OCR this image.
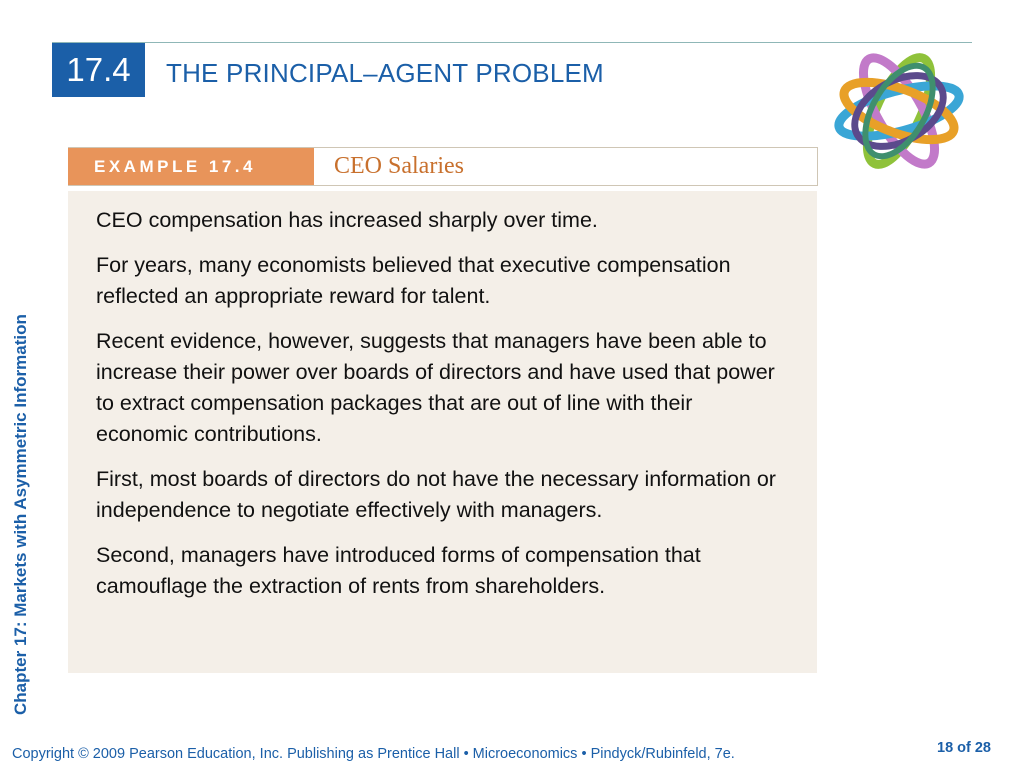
17.4	THE PRINCIPAL–AGENT PROBLEM
Chapter 17: Markets with Asymmetric Information
EXAMPLE 17.4	CEO Salaries

CEO compensation has increased sharply over time.

For years, many economists believed that executive compensation reflected an appropriate reward for talent.

Recent evidence, however, suggests that managers have been able to increase their power over boards of directors and have used that power to extract compensation packages that are out of line with their economic contributions.

First, most boards of directors do not have the necessary information or independence to negotiate effectively with managers.

Second, managers have introduced forms of compensation that camouflage the extraction of rents from shareholders.

Copyright © 2009 Pearson Education, Inc. Publishing as Prentice Hall • Microeconomics • Pindyck/Rubinfeld, 7e.	18 of 28
